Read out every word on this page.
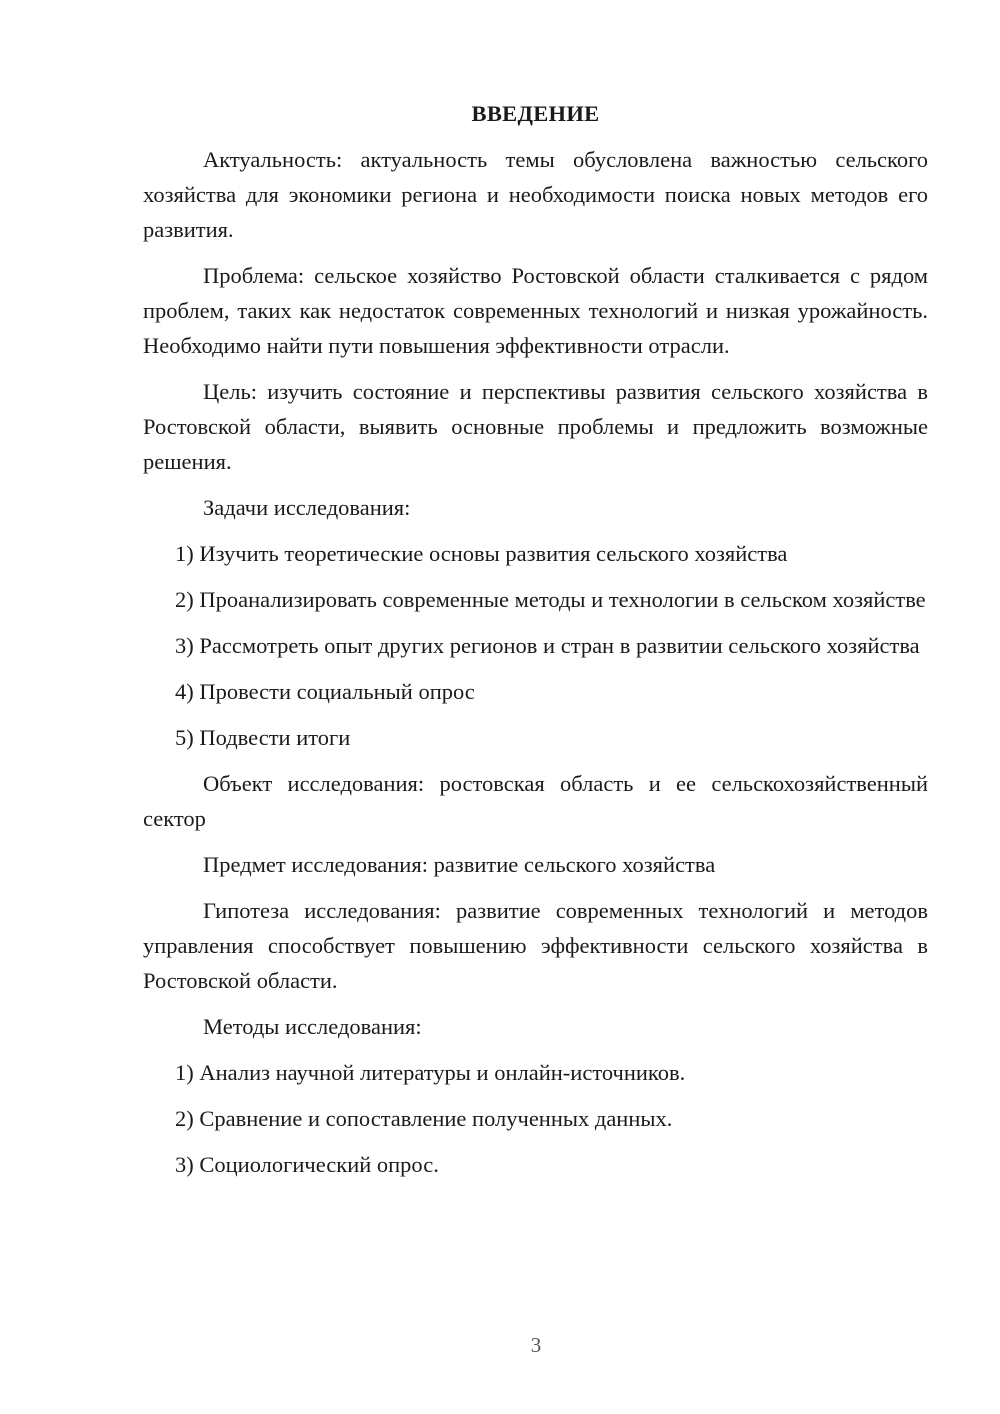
ВВЕДЕНИЕ

Актуальность: актуальность темы обусловлена важностью сельского хозяйства для экономики региона и необходимости поиска новых методов его развития.

Проблема: сельское хозяйство Ростовской области сталкивается с рядом проблем, таких как недостаток современных технологий и низкая урожайность. Необходимо найти пути повышения эффективности отрасли.

Цель: изучить состояние и перспективы развития сельского хозяйства в Ростовской области, выявить основные проблемы и предложить возможные решения.

Задачи исследования:

1) Изучить теоретические основы развития сельского хозяйства

2) Проанализировать современные методы и технологии в сельском хозяйстве

3) Рассмотреть опыт других регионов и стран в развитии сельского хозяйства

4) Провести социальный опрос

5) Подвести итоги

Объект исследования: ростовская область и ее сельскохозяйственный сектор

Предмет исследования: развитие сельского хозяйства

Гипотеза исследования: развитие современных технологий и методов управления способствует повышению эффективности сельского хозяйства в Ростовской области.

Методы исследования:

1) Анализ научной литературы и онлайн-источников.

2) Сравнение и сопоставление полученных данных.

3) Социологический опрос.

3
